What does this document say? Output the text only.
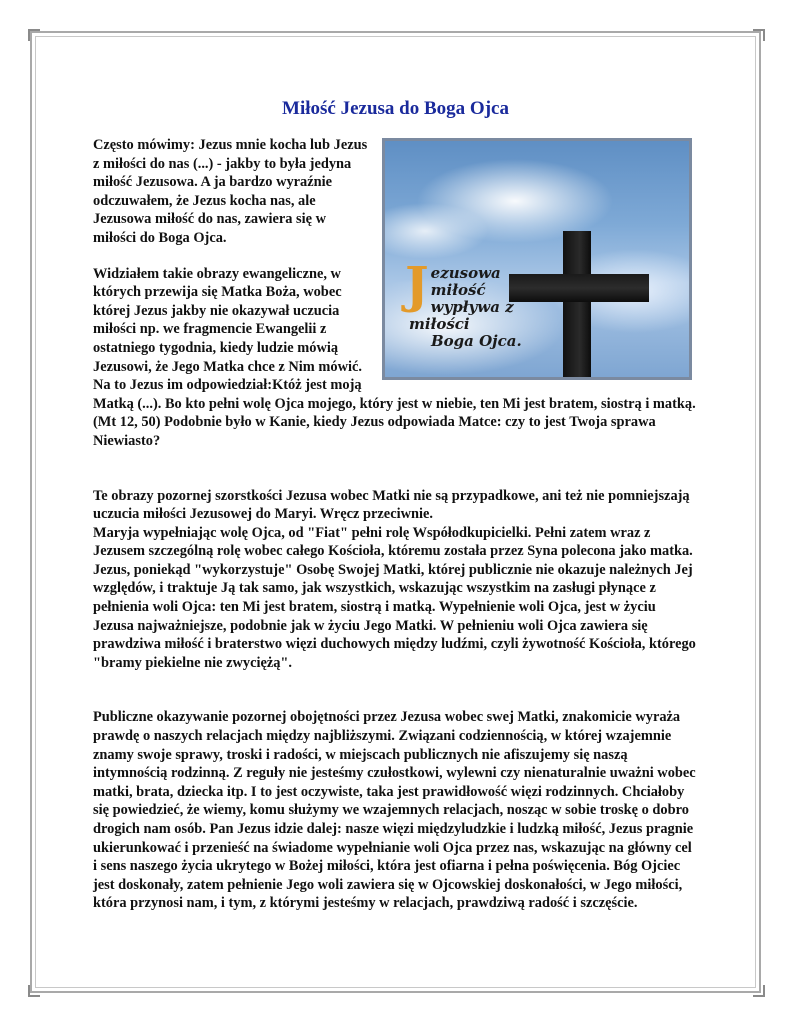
Miłość Jezusa do Boga Ojca
J ezusowa miłość
wypływa z miłości
Boga Ojca.

Często mówimy: Jezus mnie kocha lub Jezus z miłości do nas (...) - jakby to była jedyna miłość Jezusowa. A ja bardzo wyraźnie odczuwałem, że Jezus kocha nas, ale Jezusowa miłość do nas, zawiera się w miłości do Boga Ojca.

Widziałem takie obrazy ewangeliczne, w których przewija się Matka Boża, wobec której Jezus jakby nie okazywał uczucia miłości np. we fragmencie Ewangelii z ostatniego tygodnia, kiedy ludzie mówią Jezusowi, że Jego Matka chce z Nim mówić. Na to Jezus im odpowiedział:Któż jest moją Matką (...). Bo kto pełni wolę Ojca mojego, który jest w niebie, ten Mi jest bratem, siostrą i matką. (Mt 12, 50) Podobnie było w Kanie, kiedy Jezus odpowiada Matce: czy to jest Twoja sprawa Niewiasto?

Te obrazy pozornej szorstkości Jezusa wobec Matki nie są przypadkowe, ani też nie pomniejszają uczucia miłości Jezusowej do Maryi. Wręcz przeciwnie.

Maryja wypełniając wolę Ojca, od "Fiat" pełni rolę Współodkupicielki. Pełni zatem wraz z Jezusem szczególną rolę wobec całego Kościoła, któremu została przez Syna polecona jako matka. Jezus, poniekąd "wykorzystuje" Osobę Swojej Matki, której publicznie nie okazuje należnych Jej względów, i traktuje Ją tak samo, jak wszystkich, wskazując wszystkim na zasługi płynące z pełnienia woli Ojca: ten Mi jest bratem, siostrą i matką. Wypełnienie woli Ojca, jest w życiu Jezusa najważniejsze, podobnie jak w życiu Jego Matki. W pełnieniu woli Ojca zawiera się prawdziwa miłość i braterstwo więzi duchowych między ludźmi, czyli żywotność Kościoła, którego "bramy piekielne nie zwyciężą".

Publiczne okazywanie pozornej obojętności przez Jezusa wobec swej Matki, znakomicie wyraża prawdę o naszych relacjach między najbliższymi. Związani codziennością, w której wzajemnie znamy swoje sprawy, troski i radości, w miejscach publicznych nie afiszujemy się naszą intymnością rodzinną. Z reguły nie jesteśmy czułostkowi, wylewni czy nienaturalnie uważni wobec matki, brata, dziecka itp. I to jest oczywiste, taka jest prawidłowość więzi rodzinnych. Chciałoby się powiedzieć, że wiemy, komu służymy we wzajemnych relacjach, nosząc w sobie troskę o dobro drogich nam osób. Pan Jezus idzie dalej: nasze więzi międzyludzkie i ludzką miłość, Jezus pragnie ukierunkować i przenieść na świadome wypełnianie woli Ojca przez nas, wskazując na główny cel i sens naszego życia ukrytego w Bożej miłości, która jest ofiarna i pełna poświęcenia. Bóg Ojciec jest doskonały, zatem pełnienie Jego woli zawiera się w Ojcowskiej doskonałości, w Jego miłości, która przynosi nam, i tym, z którymi jesteśmy w relacjach, prawdziwą radość i szczęście.
